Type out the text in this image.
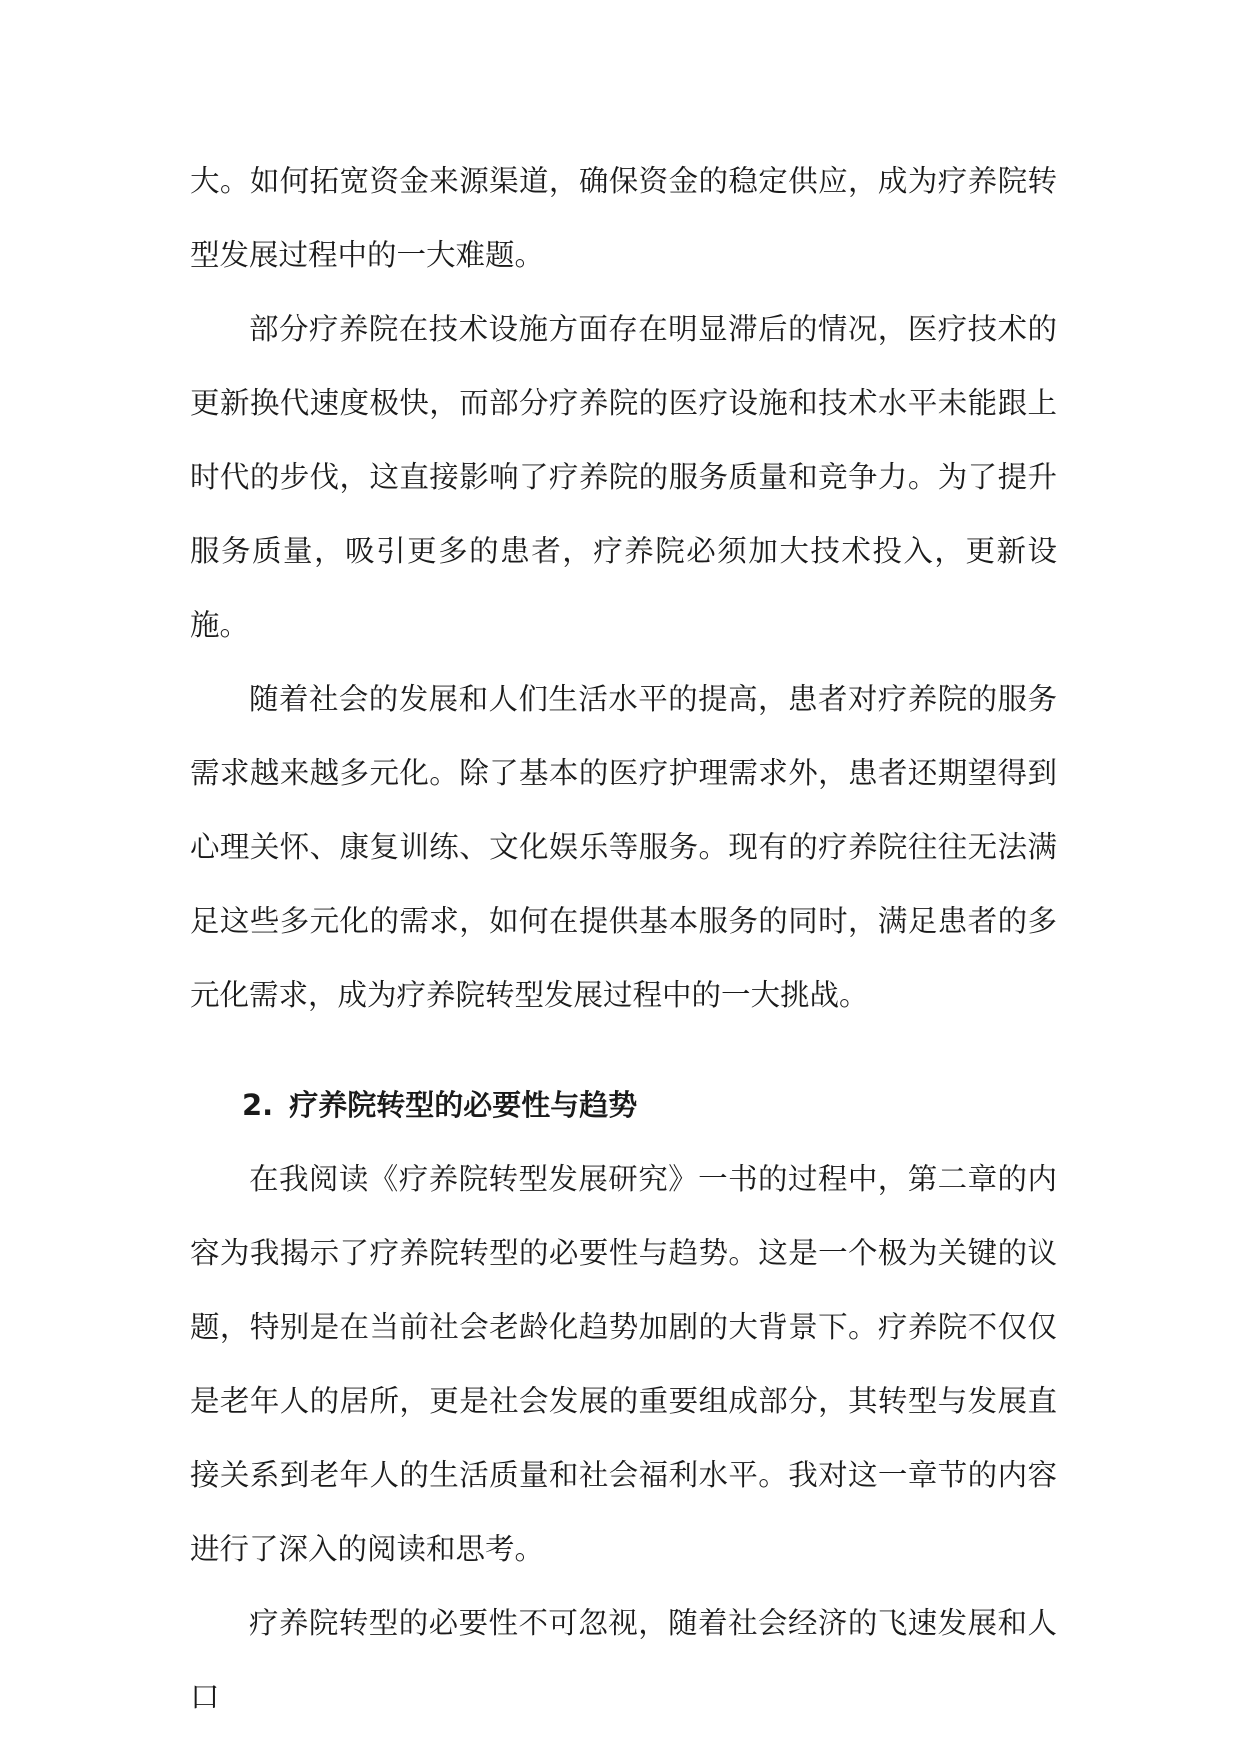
大。如何拓宽资金来源渠道，确保资金的稳定供应，成为疗养院转型发展过程中的一大难题。

部分疗养院在技术设施方面存在明显滞后的情况，医疗技术的更新换代速度极快，而部分疗养院的医疗设施和技术水平未能跟上时代的步伐，这直接影响了疗养院的服务质量和竞争力。为了提升服务质量，吸引更多的患者，疗养院必须加大技术投入，更新设施。

随着社会的发展和人们生活水平的提高，患者对疗养院的服务需求越来越多元化。除了基本的医疗护理需求外，患者还期望得到心理关怀、康复训练、文化娱乐等服务。现有的疗养院往往无法满足这些多元化的需求，如何在提供基本服务的同时，满足患者的多元化需求，成为疗养院转型发展过程中的一大挑战。

2. 疗养院转型的必要性与趋势

在我阅读《疗养院转型发展研究》一书的过程中，第二章的内容为我揭示了疗养院转型的必要性与趋势。这是一个极为关键的议题，特别是在当前社会老龄化趋势加剧的大背景下。疗养院不仅仅是老年人的居所，更是社会发展的重要组成部分，其转型与发展直接关系到老年人的生活质量和社会福利水平。我对这一章节的内容进行了深入的阅读和思考。

疗养院转型的必要性不可忽视，随着社会经济的飞速发展和人口
